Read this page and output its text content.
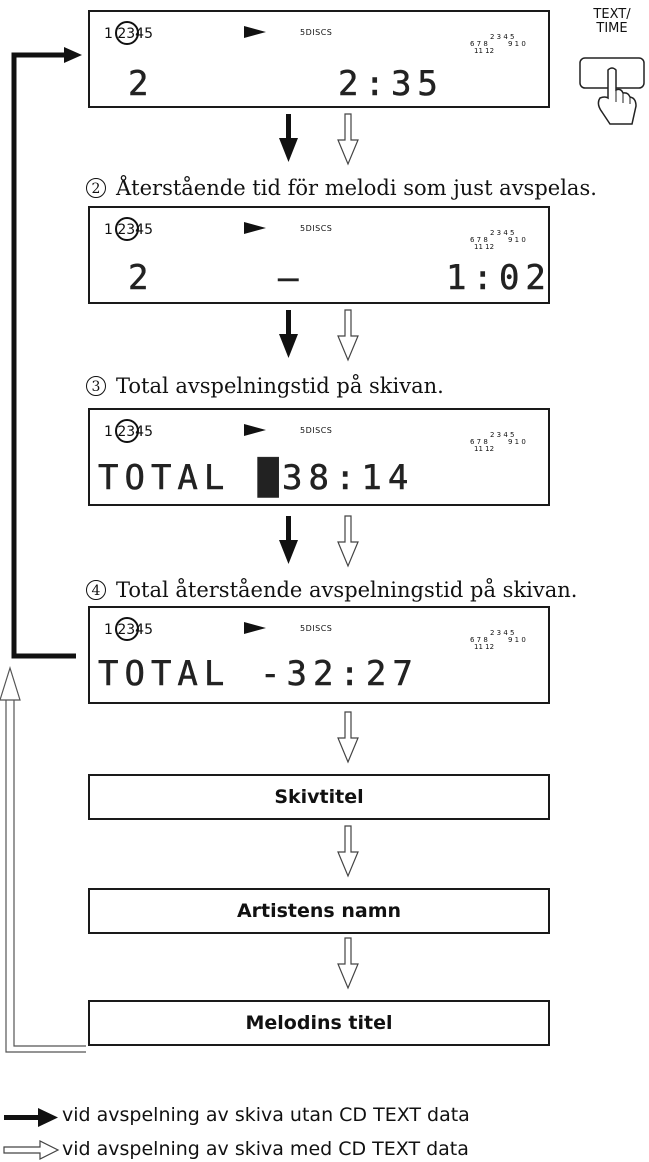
TEXT/
TIME
1 2345	5DISCS	2 3 4 5
6 7 8	9 1 0
11 12
2	2:35
2 Återstående tid för melodi som just avspelas.
1 2345	5DISCS	2 3 4 5
6 7 8	9 1 0
11 12
2	–	1:02
3 Total avspelningstid på skivan.
1 2345	5DISCS	2 3 4 5
6 7 8	9 1 0
11 12
TOTAL █ 38:14
4 Total återstående avspelningstid på skivan.
1 2345	5DISCS	2 3 4 5
6 7 8	9 1 0
11 12
TOTAL -32:27
Skivtitel
Artistens namn
Melodins titel
vid avspelning av skiva utan CD TEXT data
vid avspelning av skiva med CD TEXT data
